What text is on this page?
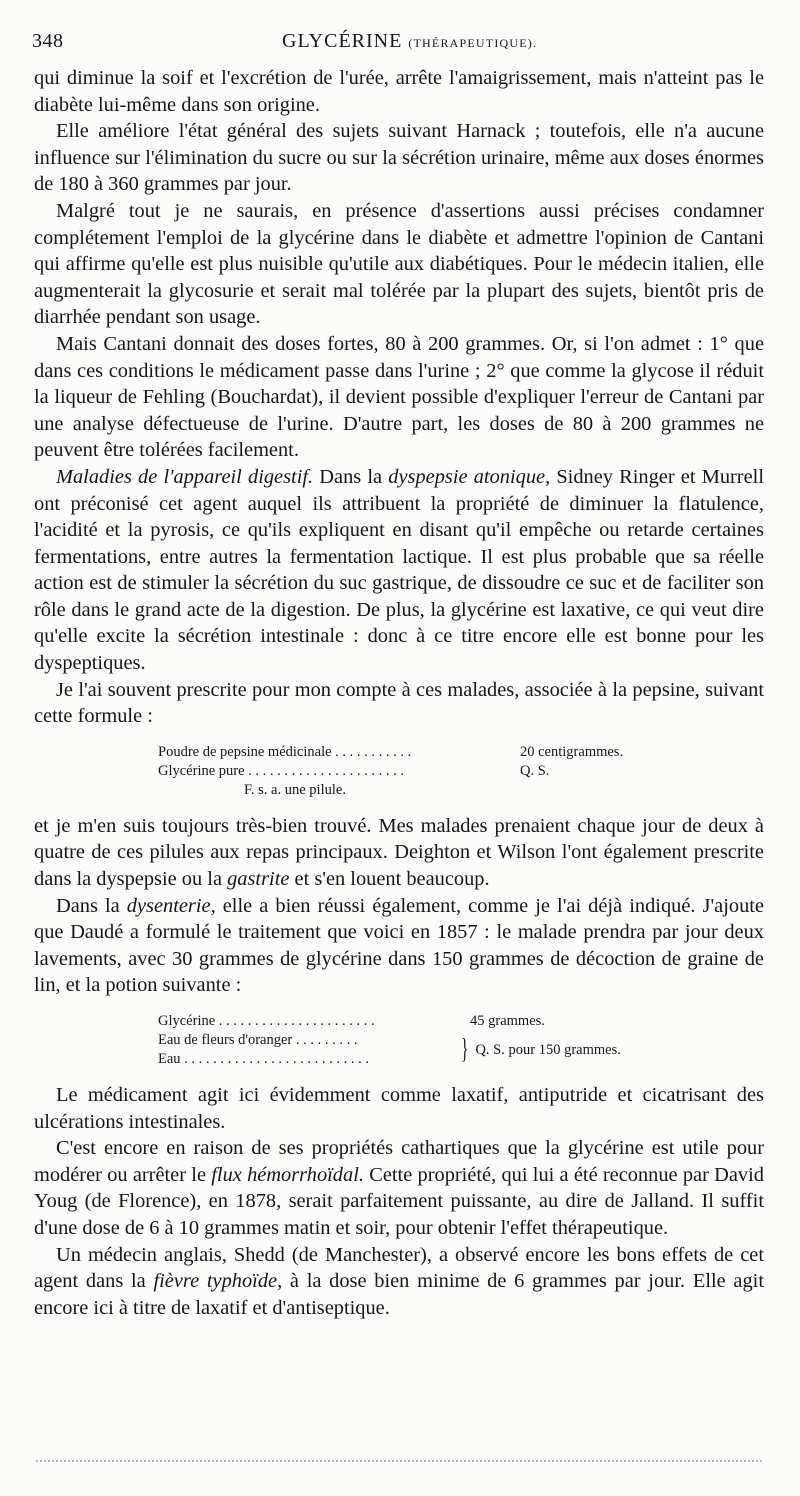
348	GLYCÉRINE (THÉRAPEUTIQUE).

qui diminue la soif et l'excrétion de l'urée, arrête l'amaigrissement, mais n'atteint pas le diabète lui-même dans son origine.

Elle améliore l'état général des sujets suivant Harnack ; toutefois, elle n'a aucune influence sur l'élimination du sucre ou sur la sécrétion urinaire, même aux doses énormes de 180 à 360 grammes par jour.

Malgré tout je ne saurais, en présence d'assertions aussi précises condamner complétement l'emploi de la glycérine dans le diabète et admettre l'opinion de Cantani qui affirme qu'elle est plus nuisible qu'utile aux diabétiques. Pour le médecin italien, elle augmenterait la glycosurie et serait mal tolérée par la plupart des sujets, bientôt pris de diarrhée pendant son usage.

Mais Cantani donnait des doses fortes, 80 à 200 grammes. Or, si l'on admet : 1° que dans ces conditions le médicament passe dans l'urine ; 2° que comme la glycose il réduit la liqueur de Fehling (Bouchardat), il devient possible d'expliquer l'erreur de Cantani par une analyse défectueuse de l'urine. D'autre part, les doses de 80 à 200 grammes ne peuvent être tolérées facilement.

Maladies de l'appareil digestif. Dans la dyspepsie atonique, Sidney Ringer et Murrell ont préconisé cet agent auquel ils attribuent la propriété de diminuer la flatulence, l'acidité et la pyrosis, ce qu'ils expliquent en disant qu'il empêche ou retarde certaines fermentations, entre autres la fermentation lactique. Il est plus probable que sa réelle action est de stimuler la sécrétion du suc gastrique, de dissoudre ce suc et de faciliter son rôle dans le grand acte de la digestion. De plus, la glycérine est laxative, ce qui veut dire qu'elle excite la sécrétion intestinale : donc à ce titre encore elle est bonne pour les dyspeptiques.

Je l'ai souvent prescrite pour mon compte à ces malades, associée à la pepsine, suivant cette formule :

Poudre de pepsine médicinale . . . . . . . . . . .	20 centigrammes.
Glycérine pure . . . . . . . . . . . . . . . . . . . . . .	Q. S.
F. s. a. une pilule.

et je m'en suis toujours très-bien trouvé. Mes malades prenaient chaque jour de deux à quatre de ces pilules aux repas principaux. Deighton et Wilson l'ont également prescrite dans la dyspepsie ou la gastrite et s'en louent beaucoup.

Dans la dysenterie, elle a bien réussi également, comme je l'ai déjà indiqué. J'ajoute que Daudé a formulé le traitement que voici en 1857 : le malade prendra par jour deux lavements, avec 30 grammes de glycérine dans 150 grammes de décoction de graine de lin, et la potion suivante :

Glycérine . . . . . . . . . . . . . . . . . . . . . .	45 grammes.
Eau de fleurs d'oranger . . . . . . . . .
Eau . . . . . . . . . . . . . . . . . . . . . . . . . .	} Q. S. pour 150 grammes.

Le médicament agit ici évidemment comme laxatif, antiputride et cicatrisant des ulcérations intestinales.

C'est encore en raison de ses propriétés cathartiques que la glycérine est utile pour modérer ou arrêter le flux hémorrhoïdal. Cette propriété, qui lui a été reconnue par David Youg (de Florence), en 1878, serait parfaitement puissante, au dire de Jalland. Il suffit d'une dose de 6 à 10 grammes matin et soir, pour obtenir l'effet thérapeutique.

Un médecin anglais, Shedd (de Manchester), a observé encore les bons effets de cet agent dans la fièvre typhoïde, à la dose bien minime de 6 grammes par jour. Elle agit encore ici à titre de laxatif et d'antiseptique.
